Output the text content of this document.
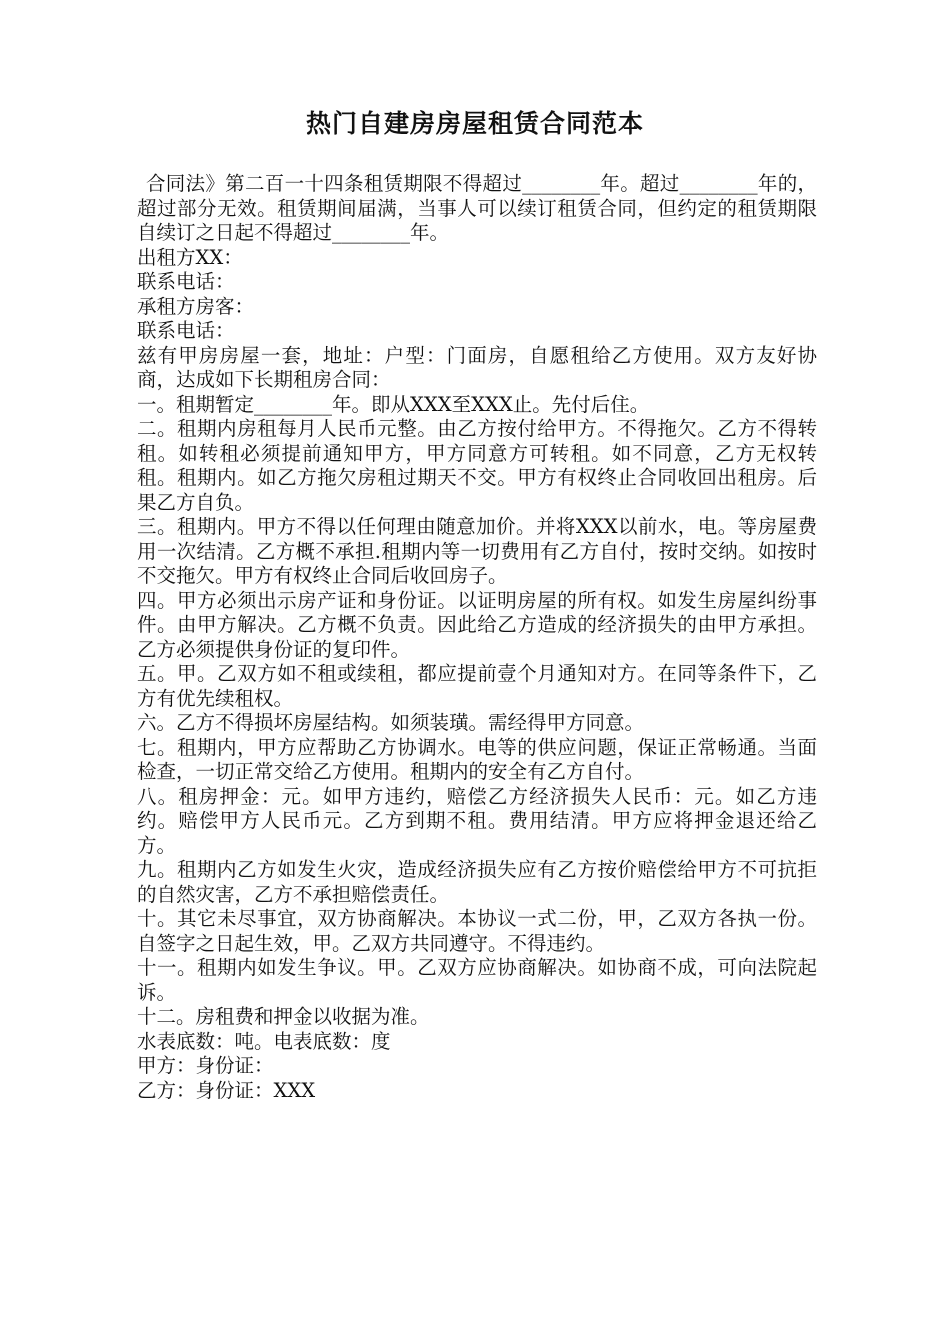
热门自建房房屋租赁合同范本

合同法》第二百一十四条租赁期限不得超过________年。超过________年的，超过部分无效。租赁期间届满，当事人可以续订租赁合同，但约定的租赁期限自续订之日起不得超过________年。

出租方XX：

联系电话：

承租方房客：

联系电话：

兹有甲房房屋一套，地址：户型：门面房，自愿租给乙方使用。双方友好协商，达成如下长期租房合同：

一。租期暂定________年。即从XXX至XXX止。先付后住。

二。租期内房租每月人民币元整。由乙方按付给甲方。不得拖欠。乙方不得转租。如转租必须提前通知甲方，甲方同意方可转租。如不同意，乙方无权转租。租期内。如乙方拖欠房租过期天不交。甲方有权终止合同收回出租房。后果乙方自负。

三。租期内。甲方不得以任何理由随意加价。并将XXX以前水，电。等房屋费用一次结清。乙方概不承担.租期内等一切费用有乙方自付，按时交纳。如按时不交拖欠。甲方有权终止合同后收回房子。

四。甲方必须出示房产证和身份证。以证明房屋的所有权。如发生房屋纠纷事件。由甲方解决。乙方概不负责。因此给乙方造成的经济损失的由甲方承担。乙方必须提供身份证的复印件。

五。甲。乙双方如不租或续租，都应提前壹个月通知对方。在同等条件下，乙方有优先续租权。

六。乙方不得损坏房屋结构。如须装璜。需经得甲方同意。

七。租期内，甲方应帮助乙方协调水。电等的供应问题，保证正常畅通。当面检查，一切正常交给乙方使用。租期内的安全有乙方自付。

八。租房押金：元。如甲方违约，赔偿乙方经济损失人民币：元。如乙方违约。赔偿甲方人民币元。乙方到期不租。费用结清。甲方应将押金退还给乙方。

九。租期内乙方如发生火灾，造成经济损失应有乙方按价赔偿给甲方不可抗拒的自然灾害，乙方不承担赔偿责任。

十。其它未尽事宜，双方协商解决。本协议一式二份，甲，乙双方各执一份。自签字之日起生效，甲。乙双方共同遵守。不得违约。

十一。租期内如发生争议。甲。乙双方应协商解决。如协商不成，可向法院起诉。

十二。房租费和押金以收据为准。

水表底数：吨。电表底数：度

甲方：身份证：

乙方：身份证：XXX
